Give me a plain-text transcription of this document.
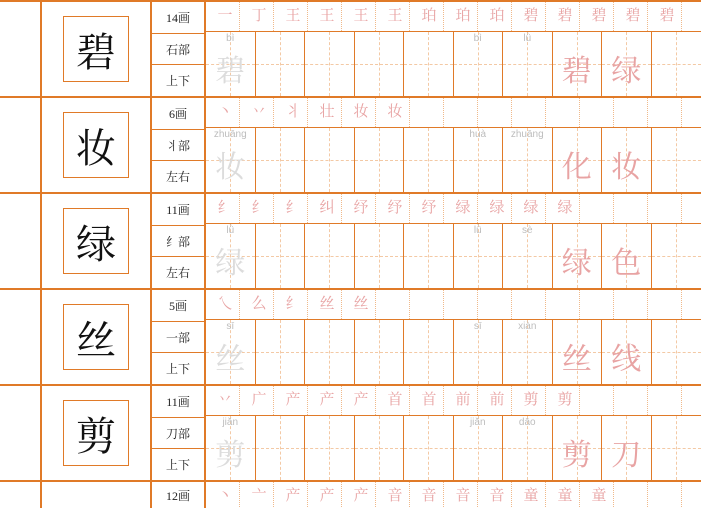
碧
14画
石部
上下
一	丁	王	王	王	王	珀	珀	珀	碧	碧	碧	碧	碧
bì
碧
bì	lǜ
碧 绿
妆
6画
丬部
左右
丶	丷	丬	壮	妆	妆
zhuāng
妆
huà	zhuāng
化 妆
绿
11画
纟部
左右
纟	纟	纟	纠	纾	纾	纾	绿	绿	绿	绿
lǜ
绿
lǜ	sè
绿 色
丝
5画
一部
上下
乀	么	纟	丝	丝
sī
丝
sī	xiàn
丝 线
剪
11画
刀部
上下
丷	广	产	产	产	首	首	前	前	剪	剪
jiǎn
剪
jiǎn	dāo
剪 刀
12画	丶	亠	产	产	产	音	音	音	音	童	童	童
